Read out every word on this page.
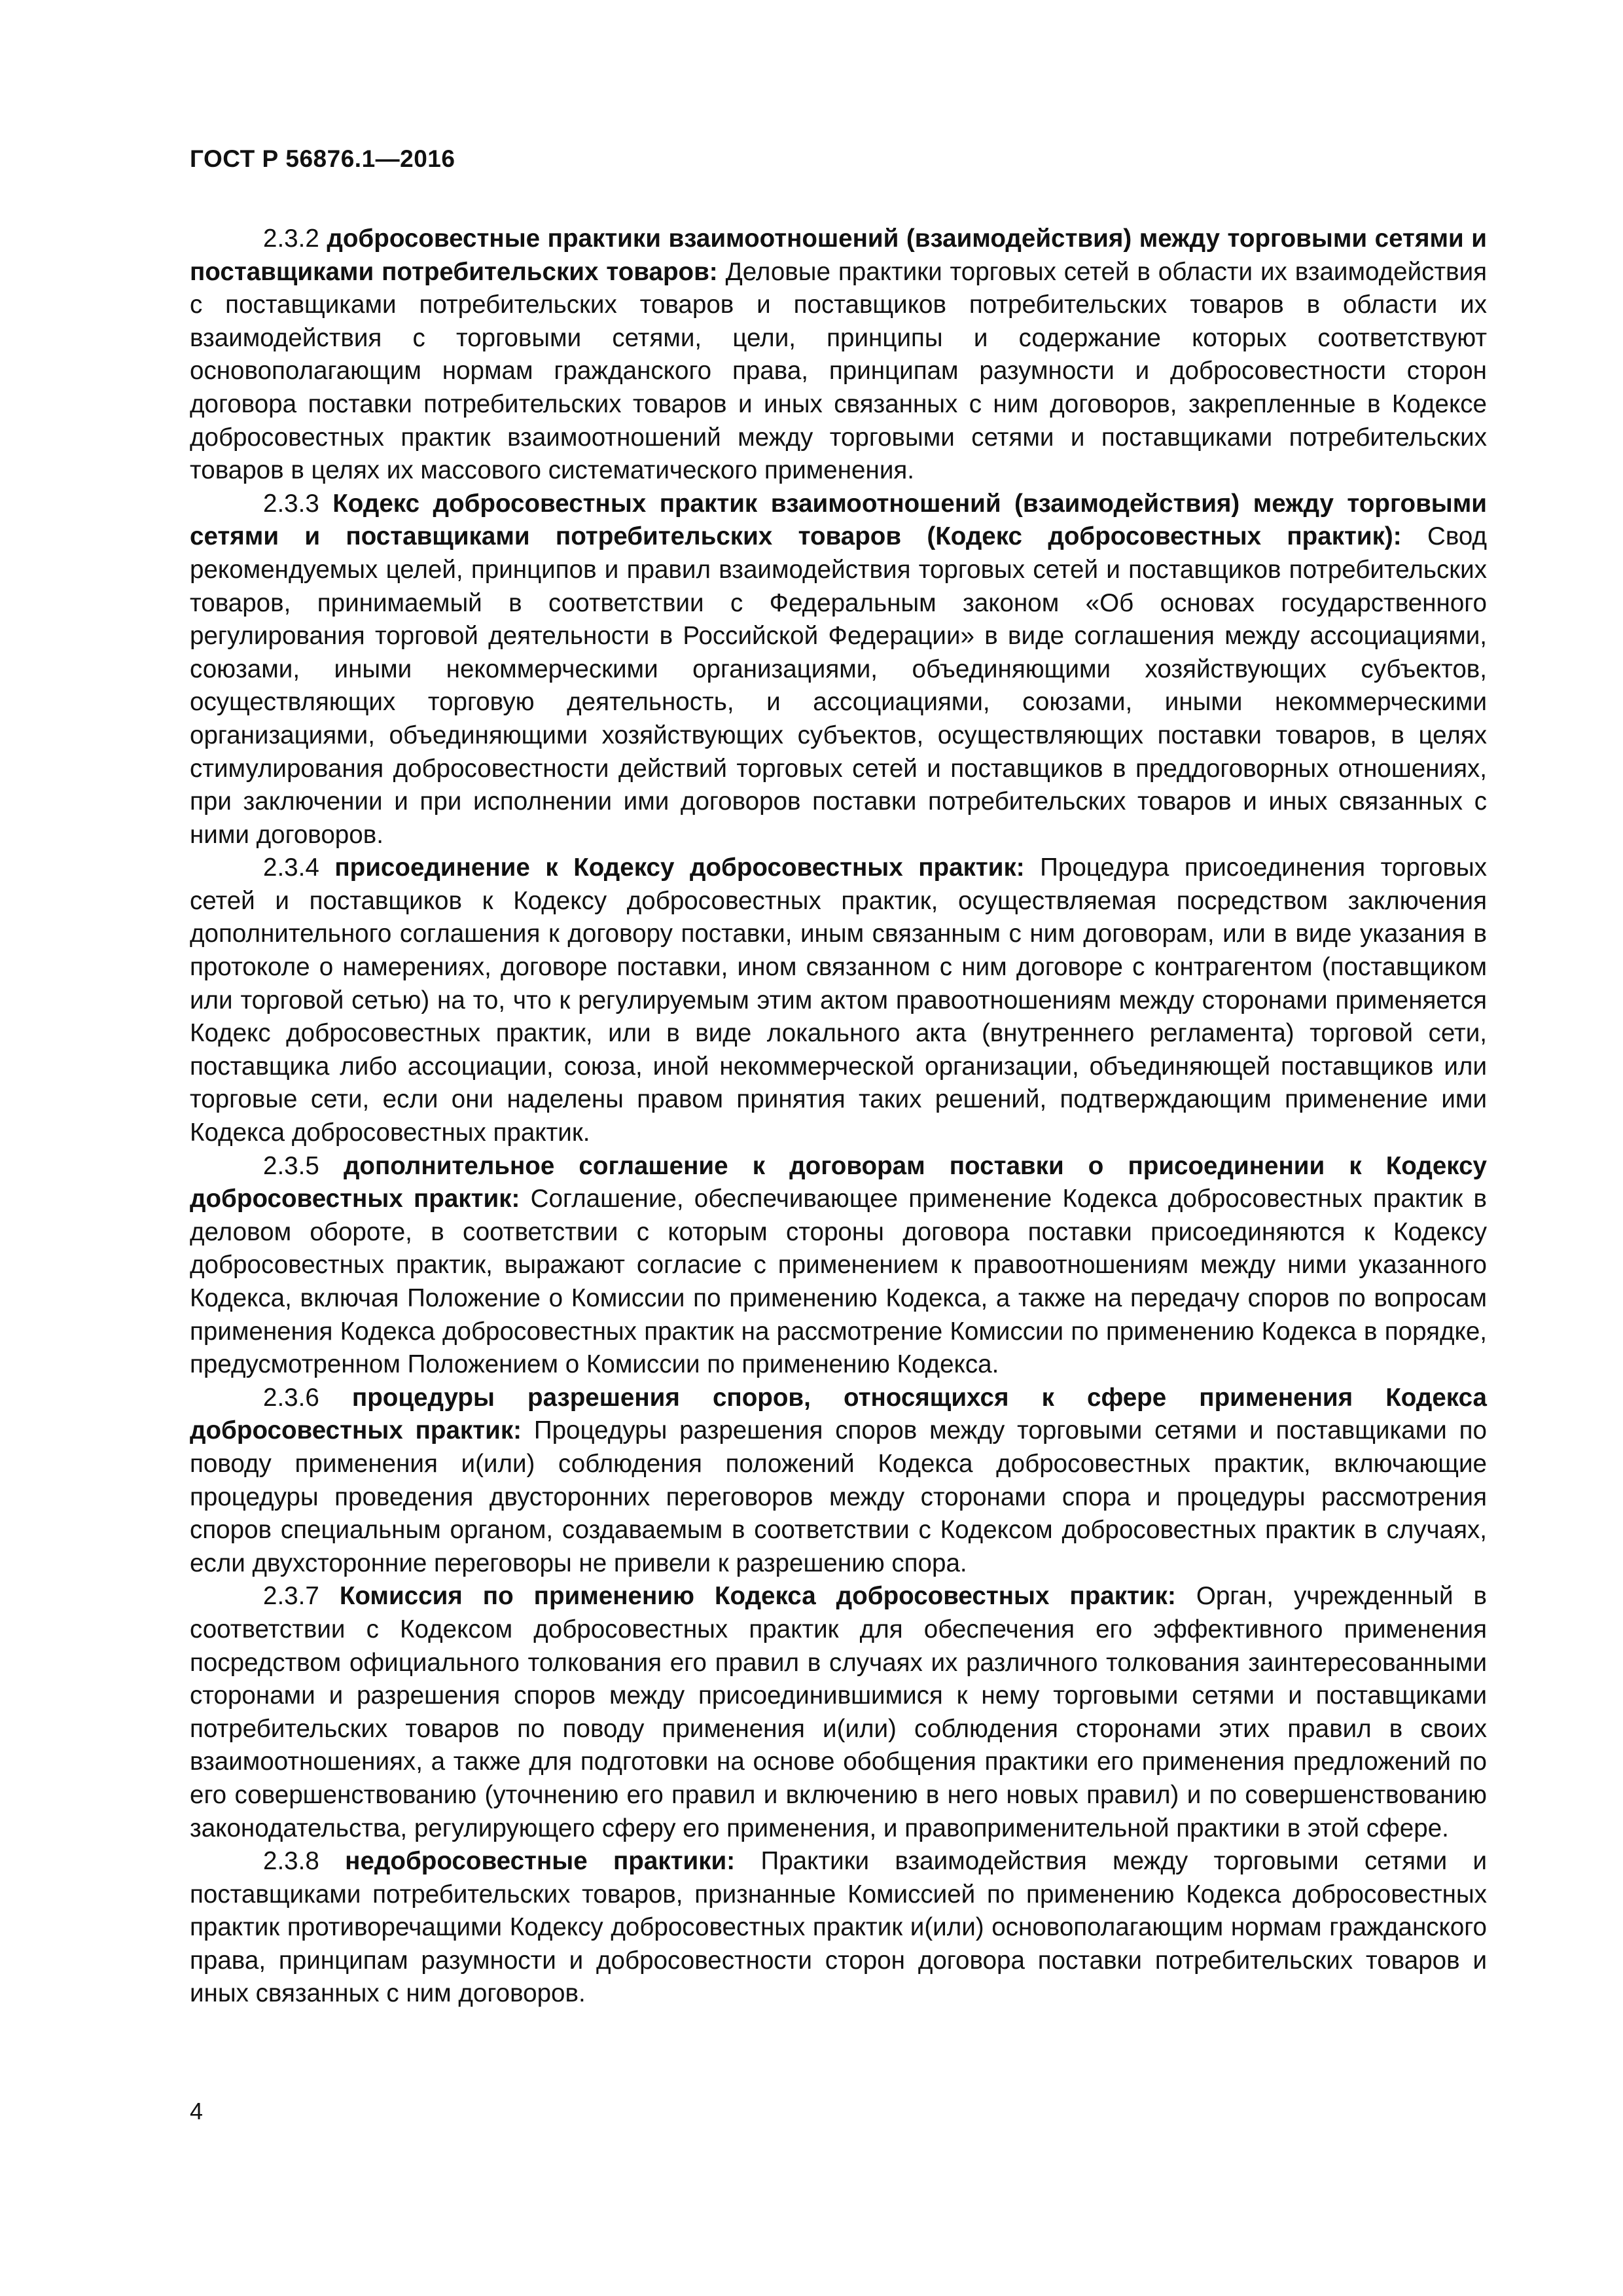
ГОСТ Р 56876.1—2016

2.3.2 добросовестные практики взаимоотношений (взаимодействия) между торговыми сетями и поставщиками потребительских товаров: Деловые практики торговых сетей в области их взаимодействия с поставщиками потребительских товаров и поставщиков потребительских товаров в области их взаимодействия с торговыми сетями, цели, принципы и содержание которых соответствуют основополагающим нормам гражданского права, принципам разумности и добросовестности сторон договора поставки потребительских товаров и иных связанных с ним договоров, закрепленные в Кодексе добросовестных практик взаимоотношений между торговыми сетями и поставщиками потребительских товаров в целях их массового систематического применения.

2.3.3 Кодекс добросовестных практик взаимоотношений (взаимодействия) между торговыми сетями и поставщиками потребительских товаров (Кодекс добросовестных практик): Свод рекомендуемых целей, принципов и правил взаимодействия торговых сетей и поставщиков потребительских товаров, принимаемый в соответствии с Федеральным законом «Об основах государственного регулирования торговой деятельности в Российской Федерации» в виде соглашения между ассоциациями, союзами, иными некоммерческими организациями, объединяющими хозяйствующих субъектов, осуществляющих торговую деятельность, и ассоциациями, союзами, иными некоммерческими организациями, объединяющими хозяйствующих субъектов, осуществляющих поставки товаров, в целях стимулирования добросовестности действий торговых сетей и поставщиков в преддоговорных отношениях, при заключении и при исполнении ими договоров поставки потребительских товаров и иных связанных с ними договоров.

2.3.4 присоединение к Кодексу добросовестных практик: Процедура присоединения торговых сетей и поставщиков к Кодексу добросовестных практик, осуществляемая посредством заключения дополнительного соглашения к договору поставки, иным связанным с ним договорам, или в виде указания в протоколе о намерениях, договоре поставки, ином связанном с ним договоре с контрагентом (поставщиком или торговой сетью) на то, что к регулируемым этим актом правоотношениям между сторонами применяется Кодекс добросовестных практик, или в виде локального акта (внутреннего регламента) торговой сети, поставщика либо ассоциации, союза, иной некоммерческой организации, объединяющей поставщиков или торговые сети, если они наделены правом принятия таких решений, подтверждающим применение ими Кодекса добросовестных практик.

2.3.5 дополнительное соглашение к договорам поставки о присоединении к Кодексу добросовестных практик: Соглашение, обеспечивающее применение Кодекса добросовестных практик в деловом обороте, в соответствии с которым стороны договора поставки присоединяются к Кодексу добросовестных практик, выражают согласие с применением к правоотношениям между ними указанного Кодекса, включая Положение о Комиссии по применению Кодекса, а также на передачу споров по вопросам применения Кодекса добросовестных практик на рассмотрение Комиссии по применению Кодекса в порядке, предусмотренном Положением о Комиссии по применению Кодекса.

2.3.6 процедуры разрешения споров, относящихся к сфере применения Кодекса добросовестных практик: Процедуры разрешения споров между торговыми сетями и поставщиками по поводу применения и(или) соблюдения положений Кодекса добросовестных практик, включающие процедуры проведения двусторонних переговоров между сторонами спора и процедуры рассмотрения споров специальным органом, создаваемым в соответствии с Кодексом добросовестных практик в случаях, если двухсторонние переговоры не привели к разрешению спора.

2.3.7 Комиссия по применению Кодекса добросовестных практик: Орган, учрежденный в соответствии с Кодексом добросовестных практик для обеспечения его эффективного применения посредством официального толкования его правил в случаях их различного толкования заинтересованными сторонами и разрешения споров между присоединившимися к нему торговыми сетями и поставщиками потребительских товаров по поводу применения и(или) соблюдения сторонами этих правил в своих взаимоотношениях, а также для подготовки на основе обобщения практики его применения предложений по его совершенствованию (уточнению его правил и включению в него новых правил) и по совершенствованию законодательства, регулирующего сферу его применения, и правоприменительной практики в этой сфере.

2.3.8 недобросовестные практики: Практики взаимодействия между торговыми сетями и поставщиками потребительских товаров, признанные Комиссией по применению Кодекса добросовестных практик противоречащими Кодексу добросовестных практик и(или) основополагающим нормам гражданского права, принципам разумности и добросовестности сторон договора поставки потребительских товаров и иных связанных с ним договоров.

4
